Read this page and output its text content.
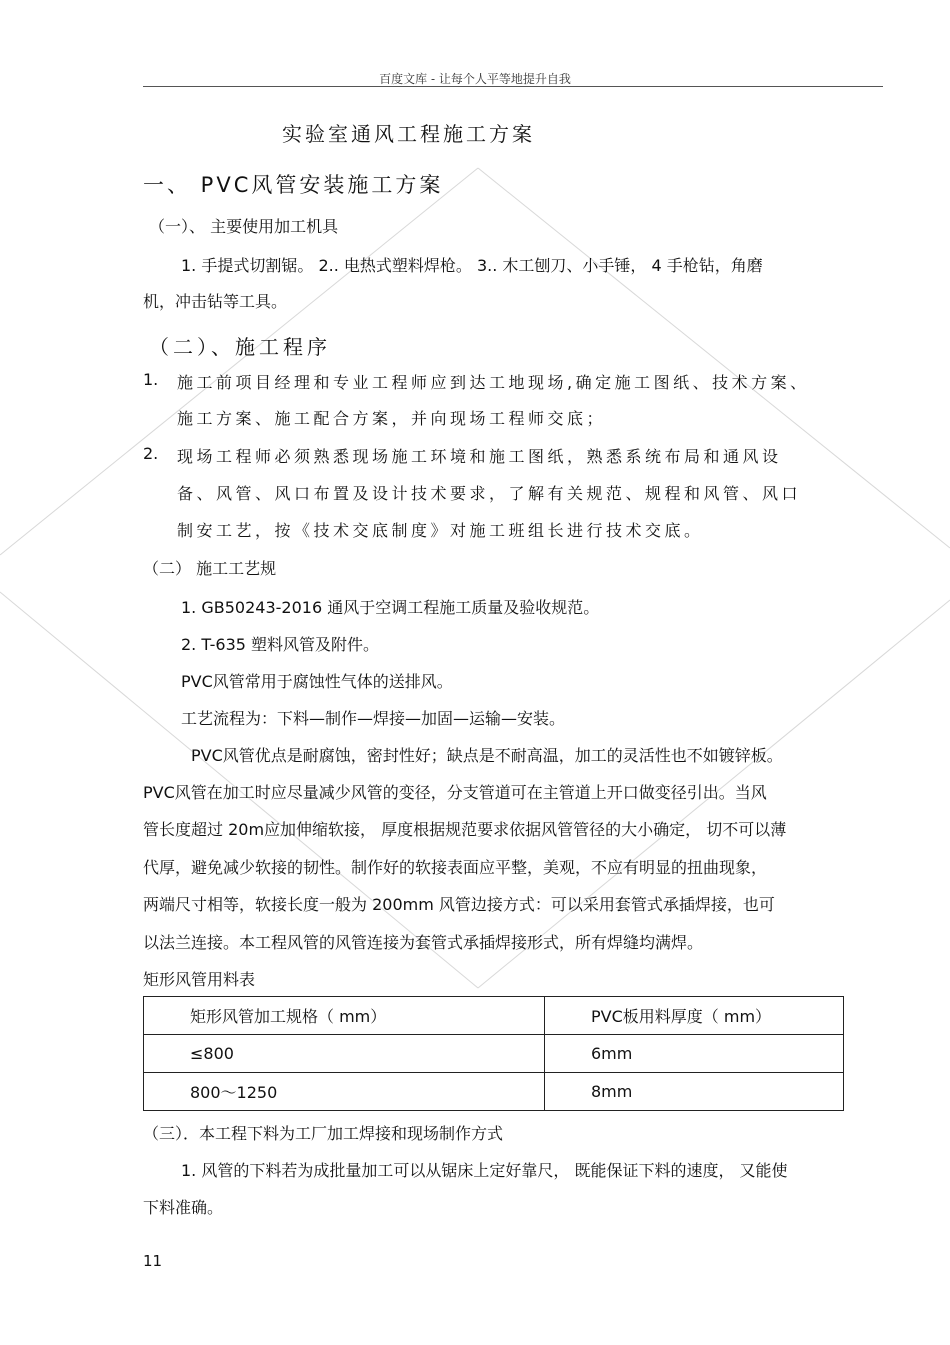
百度文库 - 让每个人平等地提升自我
实验室通风工程施工方案
一、 PVC风管安装施工方案
（一）、 主要使用加工机具
1. 手提式切割锯。 2.. 电热式塑料焊枪。 3.. 木工刨刀、小手锤， 4 手枪钻，角磨
机，冲击钻等工具。
（二）、施工程序
1. 施工前项目经理和专业工程师应到达工地现场,确定施工图纸、技术方案、
施工方案、施工配合方案，并向现场工程师交底；
2. 现场工程师必须熟悉现场施工环境和施工图纸，熟悉系统布局和通风设
备、风管、风口布置及设计技术要求，了解有关规范、规程和风管、风口
制安工艺，按《技术交底制度》对施工班组长进行技术交底。
（二） 施工工艺规
1. GB50243-2016 通风于空调工程施工质量及验收规范。
2. T-635 塑料风管及附件。
PVC风管常用于腐蚀性气体的送排风。
工艺流程为：下料—制作—焊接—加固—运输—安装。
PVC风管优点是耐腐蚀，密封性好；缺点是不耐高温，加工的灵活性也不如镀锌板。
PVC风管在加工时应尽量减少风管的变径，分支管道可在主管道上开口做变径引出。当风
管长度超过 20m应加伸缩软接， 厚度根据规范要求依据风管管径的大小确定， 切不可以薄
代厚，避免减少软接的韧性。制作好的软接表面应平整，美观，不应有明显的扭曲现象，
两端尺寸相等，软接长度一般为 200mm 风管边接方式：可以采用套管式承插焊接，也可
以法兰连接。本工程风管的风管连接为套管式承插焊接形式，所有焊缝均满焊。
矩形风管用料表
矩形风管加工规格（ mm）	PVC板用料厚度（ mm）
≤800	6mm
800～1250	8mm
（三）．本工程下料为工厂加工焊接和现场制作方式
1. 风管的下料若为成批量加工可以从锯床上定好靠尺， 既能保证下料的速度， 又能使
下料准确。
11
